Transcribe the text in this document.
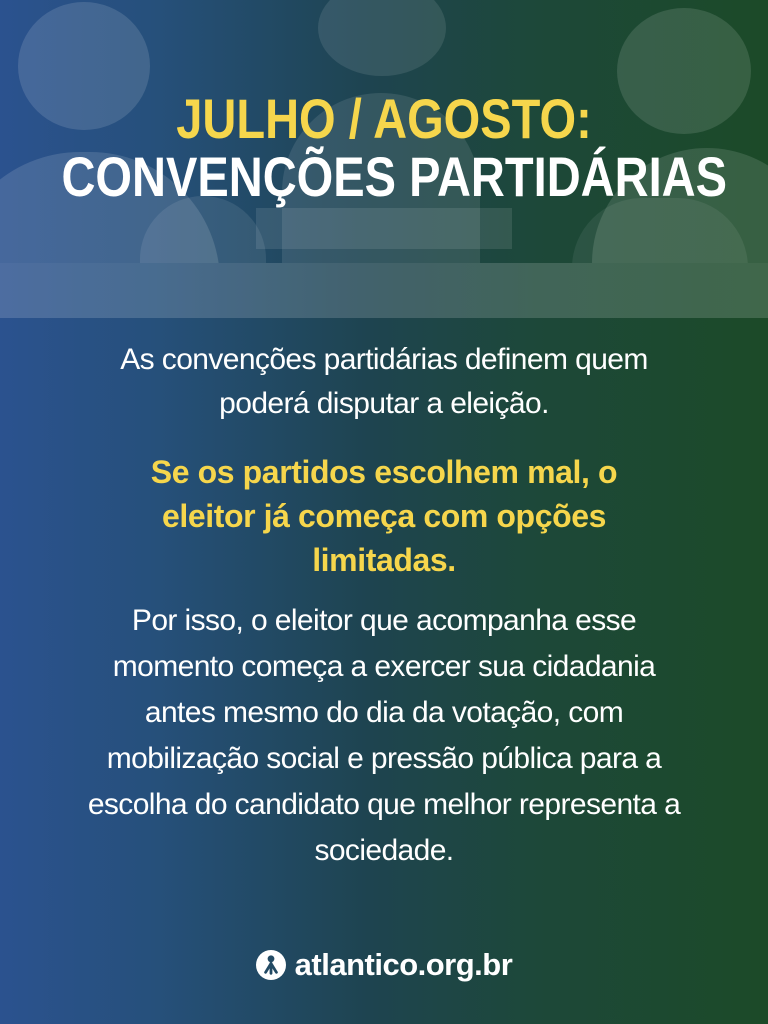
JULHO / AGOSTO:
CONVENÇÕES PARTIDÁRIAS
As convenções partidárias definem quem
poderá disputar a eleição.
Se os partidos escolhem mal, o
eleitor já começa com opções
limitadas.
Por isso, o eleitor que acompanha esse
momento começa a exercer sua cidadania
antes mesmo do dia da votação, com
mobilização social e pressão pública para a
escolha do candidato que melhor representa a
sociedade.
atlantico.org.br
